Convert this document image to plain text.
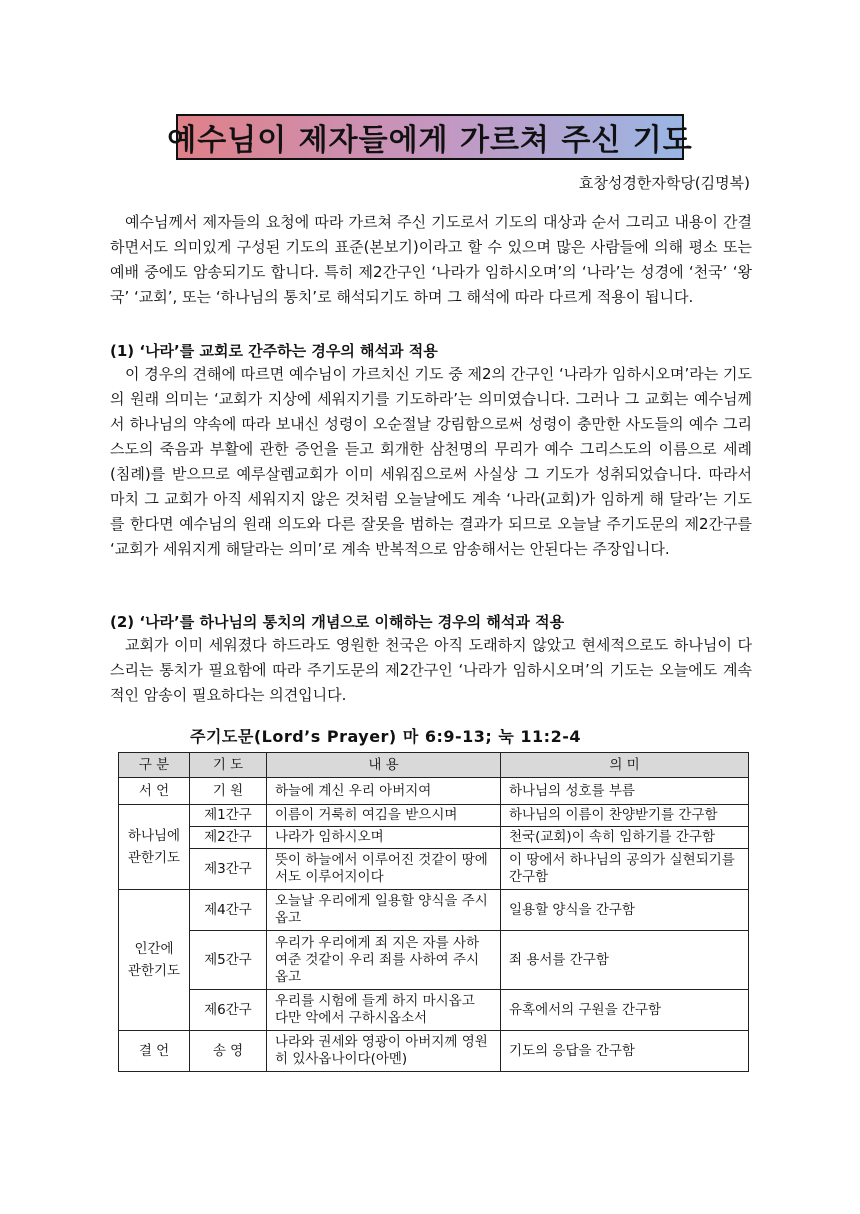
예수님이 제자들에게 가르쳐 주신 기도
효창성경한자학당(김명복)

예수님께서 제자들의 요청에 따라 가르쳐 주신 기도로서 기도의 대상과 순서 그리고 내용이 간결하면서도 의미있게 구성된 기도의 표준(본보기)이라고 할 수 있으며 많은 사람들에 의해 평소 또는 예배 중에도 암송되기도 합니다. 특히 제2간구인 ‘나라가 임하시오며’의 ‘나라’는 성경에 ‘천국’ ‘왕국’ ‘교회’, 또는 ‘하나님의 통치’로 해석되기도 하며 그 해석에 따라 다르게 적용이 됩니다.

(1) ‘나라’를 교회로 간주하는 경우의 해석과 적용

이 경우의 견해에 따르면 예수님이 가르치신 기도 중 제2의 간구인 ‘나라가 임하시오며’라는 기도의 원래 의미는 ‘교회가 지상에 세워지기를 기도하라’는 의미였습니다. 그러나 그 교회는 예수님께서 하나님의 약속에 따라 보내신 성령이 오순절날 강림함으로써 성령이 충만한 사도들의 예수 그리스도의 죽음과 부활에 관한 증언을 듣고 회개한 삼천명의 무리가 예수 그리스도의 이름으로 세례(침례)를 받으므로 예루살렘교회가 이미 세워짐으로써 사실상 그 기도가 성취되었습니다. 따라서 마치 그 교회가 아직 세워지지 않은 것처럼 오늘날에도 계속 ‘나라(교회)가 임하게 해 달라’는 기도를 한다면 예수님의 원래 의도와 다른 잘못을 범하는 결과가 되므로 오늘날 주기도문의 제2간구를 ‘교회가 세워지게 해달라는 의미’로 계속 반복적으로 암송해서는 안된다는 주장입니다.

(2) ‘나라’를 하나님의 통치의 개념으로 이해하는 경우의 해석과 적용

교회가 이미 세워졌다 하드라도 영원한 천국은 아직 도래하지 않았고 현세적으로도 하나님이 다스리는 통치가 필요함에 따라 주기도문의 제2간구인 ‘나라가 임하시오며’의 기도는 오늘에도 계속적인 암송이 필요하다는 의견입니다.

주기도문(Lord’s Prayer) 마 6:9-13; 눅 11:2-4
구 분	기 도	내 용	의 미
서 언	기 원	하늘에 계신 우리 아버지여	하나님의 성호를 부름
하나님에 관한기도	제1간구	이름이 거룩히 여김을 받으시며	하나님의 이름이 찬양받기를 간구함
	제2간구	나라가 임하시오며	천국(교회)이 속히 임하기를 간구함
	제3간구	뜻이 하늘에서 이루어진 것같이 땅에서도 이루어지이다	이 땅에서 하나님의 공의가 실현되기를 간구함
인간에 관한기도	제4간구	오늘날 우리에게 일용할 양식을 주시옵고	일용할 양식을 간구함
	제5간구	우리가 우리에게 죄 지은 자를 사하여준 것같이 우리 죄를 사하여 주시옵고	죄 용서를 간구함
	제6간구	우리를 시험에 들게 하지 마시옵고 다만 악에서 구하시옵소서	유혹에서의 구원을 간구함
결 언	송 영	나라와 권세와 영광이 아버지께 영원히 있사옵나이다(아멘)	기도의 응답을 간구함
